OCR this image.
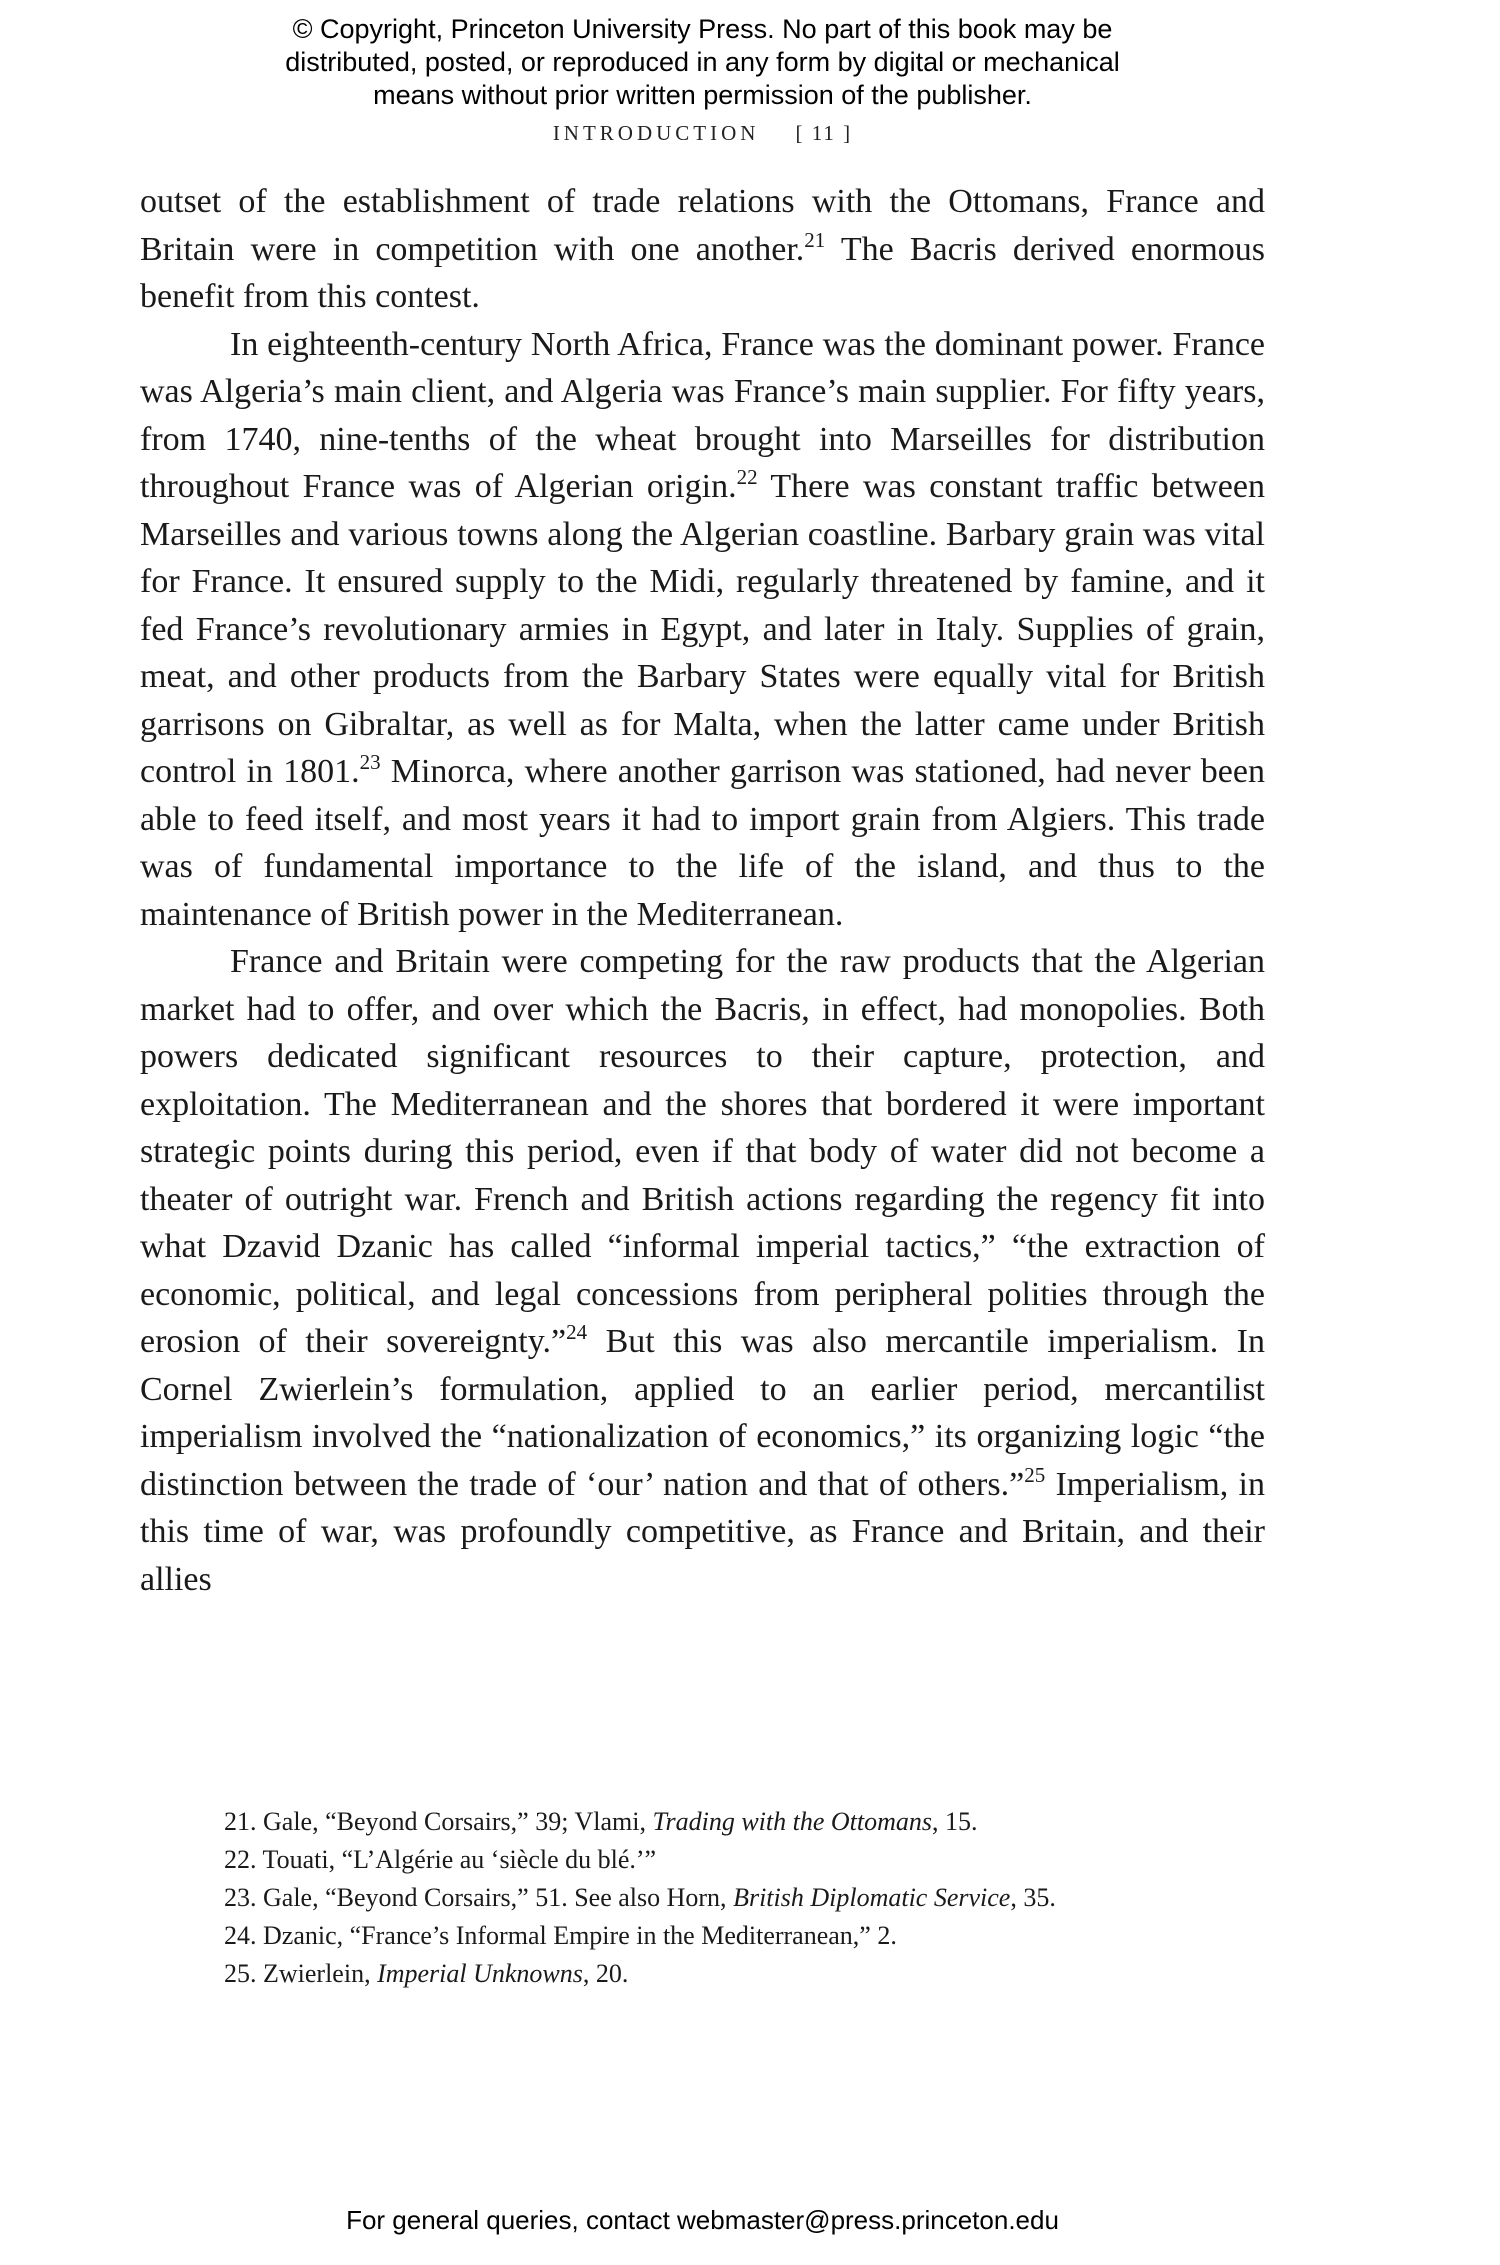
© Copyright, Princeton University Press. No part of this book may be
distributed, posted, or reproduced in any form by digital or mechanical
means without prior written permission of the publisher.
INTRODUCTION [ 11 ]

outset of the establishment of trade relations with the Ottomans, France and Britain were in competition with one another.$^{21}$ The Bacris derived enormous benefit from this contest.

In eighteenth-century North Africa, France was the dominant power. France was Algeria’s main client, and Algeria was France’s main supplier. For fifty years, from 1740, nine-tenths of the wheat brought into Marseilles for distribution throughout France was of Algerian origin.$^{22}$ There was constant traffic between Marseilles and various towns along the Algerian coastline. Barbary grain was vital for France. It ensured supply to the Midi, regularly threatened by famine, and it fed France’s revolutionary armies in Egypt, and later in Italy. Supplies of grain, meat, and other products from the Barbary States were equally vital for British garrisons on Gibraltar, as well as for Malta, when the latter came under British control in 1801.23 Minorca, where another garrison was stationed, had never been able to feed itself, and most years it had to import grain from Algiers. This trade was of fundamental importance to the life of the island, and thus to the maintenance of British power in the Mediterranean.

France and Britain were competing for the raw products that the Algerian market had to offer, and over which the Bacris, in effect, had monopolies. Both powers dedicated significant resources to their capture, protection, and exploitation. The Mediterranean and the shores that bordered it were important strategic points during this period, even if that body of water did not become a theater of outright war. French and British actions regarding the regency fit into what Dzavid Dzanic has called “informal imperial tactics,” “the extraction of economic, political, and legal concessions from peripheral polities through the erosion of their sovereignty.”$^{24}$ But this was also mercantile imperialism. In Cornel Zwierlein’s formulation, applied to an earlier period, mercantilist imperialism involved the “nationalization of economics,” its organizing logic “the distinction between the trade of ‘our’ nation and that of others.”$^{25}$ Imperialism, in this time of war, was profoundly competitive, as France and Britain, and their allies

21. Gale, “Beyond Corsairs,” 39; Vlami, Trading with the Ottomans, 15.
22. Touati, “L’Algérie au ‘siècle du blé.’”
23. Gale, “Beyond Corsairs,” 51. See also Horn, British Diplomatic Service, 35.
24. Dzanic, “France’s Informal Empire in the Mediterranean,” 2.
25. Zwierlein, Imperial Unknowns, 20.
For general queries, contact webmaster@press.princeton.edu
